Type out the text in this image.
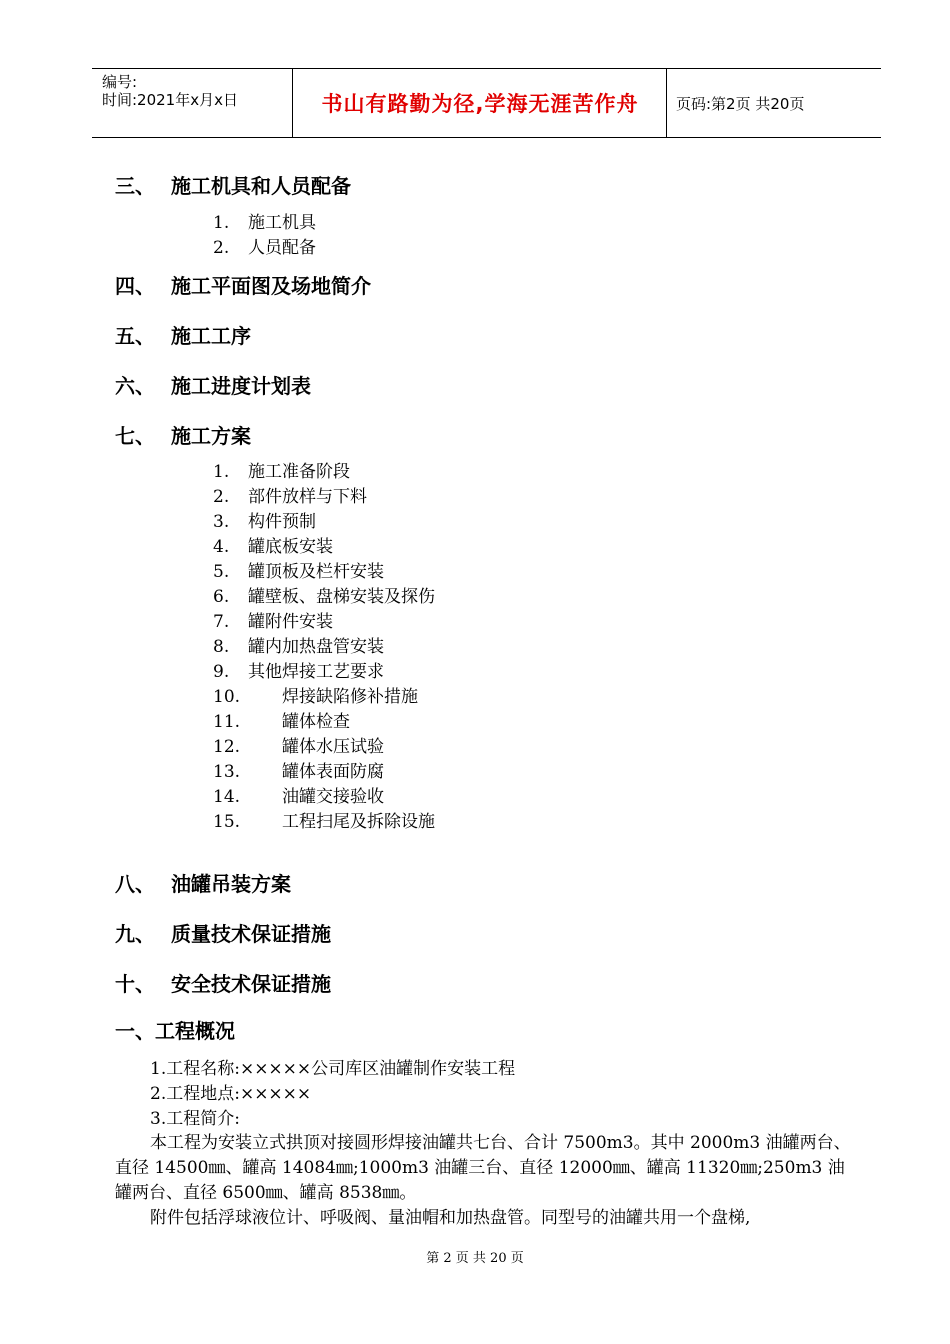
编号:
时间:2021年x月x日	书山有路勤为径,学海无涯苦作舟	页码:第2页 共20页
三、 施工机具和人员配备
1. 施工机具
2. 人员配备
四、 施工平面图及场地简介
五、 施工工序
六、 施工进度计划表
七、 施工方案
1. 施工准备阶段
2. 部件放样与下料
3. 构件预制
4. 罐底板安装
5. 罐顶板及栏杆安装
6. 罐壁板、盘梯安装及探伤
7. 罐附件安装
8. 罐内加热盘管安装
9. 其他焊接工艺要求
10. 焊接缺陷修补措施
11. 罐体检查
12. 罐体水压试验
13. 罐体表面防腐
14. 油罐交接验收
15. 工程扫尾及拆除设施
八、 油罐吊装方案
九、 质量技术保证措施
十、 安全技术保证措施
一、工程概况
1.工程名称:×××××公司库区油罐制作安装工程
2.工程地点:×××××
3.工程简介:
本工程为安装立式拱顶对接圆形焊接油罐共七台、合计 7500m3。其中 2000m3 油罐两台、直径 14500㎜、罐高 14084㎜;1000m3 油罐三台、直径 12000㎜、罐高 11320㎜;250m3 油罐两台、直径 6500㎜、罐高 8538㎜。
附件包括浮球液位计、呼吸阀、量油帽和加热盘管。同型号的油罐共用一个盘梯,
第 2 页 共 20 页
